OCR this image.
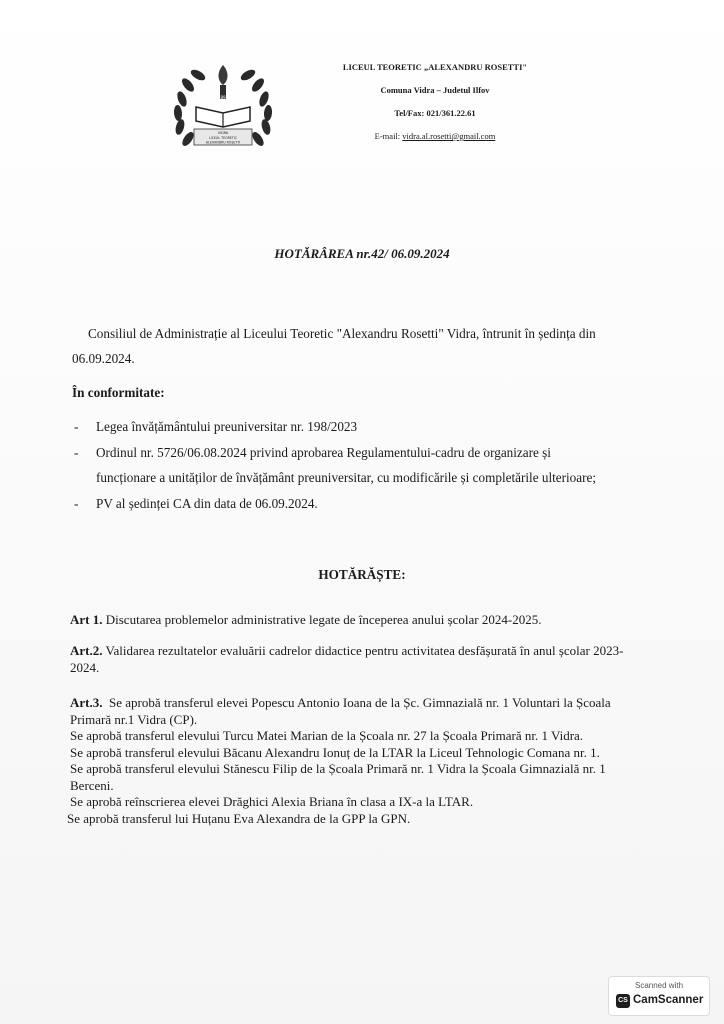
1891
VIDRA
LICEUL TEORETIC
ALEXANDRU ROSETTI
LICEUL TEORETIC „ALEXANDRU ROSETTI"
Comuna Vidra – Judetul Ilfov
Tel/Fax: 021/361.22.61
E-mail: vidra.al.rosetti@gmail.com
HOTĂRÂREA nr.42/ 06.09.2024
Consiliul de Administrație al Liceului Teoretic "Alexandru Rosetti" Vidra, întrunit în ședința din 06.09.2024.
În conformitate:
- Legea învățământului preuniversitar nr. 198/2023
- Ordinul nr. 5726/06.08.2024 privind aprobarea Regulamentului-cadru de organizare și funcționare a unităților de învățământ preuniversitar, cu modificările și completările ulterioare;
- PV al ședinței CA din data de 06.09.2024.
HOTĂRĂȘTE:
Art 1. Discutarea problemelor administrative legate de începerea anului școlar 2024-2025.
Art.2. Validarea rezultatelor evaluării cadrelor didactice pentru activitatea desfășurată în anul școlar 2023-2024.
Art.3. Se aprobă transferul elevei Popescu Antonio Ioana de la Șc. Gimnazială nr. 1 Voluntari la Școala Primară nr.1 Vidra (CP).
Se aprobă transferul elevului Turcu Matei Marian de la Școala nr. 27 la Școala Primară nr. 1 Vidra.
Se aprobă transferul elevului Băcanu Alexandru Ionuț de la LTAR la Liceul Tehnologic Comana nr. 1.
Se aprobă transferul elevului Stănescu Filip de la Școala Primară nr. 1 Vidra la Școala Gimnazială nr. 1 Berceni.
Se aprobă reînscrierea elevei Drăghici Alexia Briana în clasa a IX-a la LTAR.
Se aprobă transferul lui Huțanu Eva Alexandra de la GPP la GPN.
Scanned with
CS CamScanner
